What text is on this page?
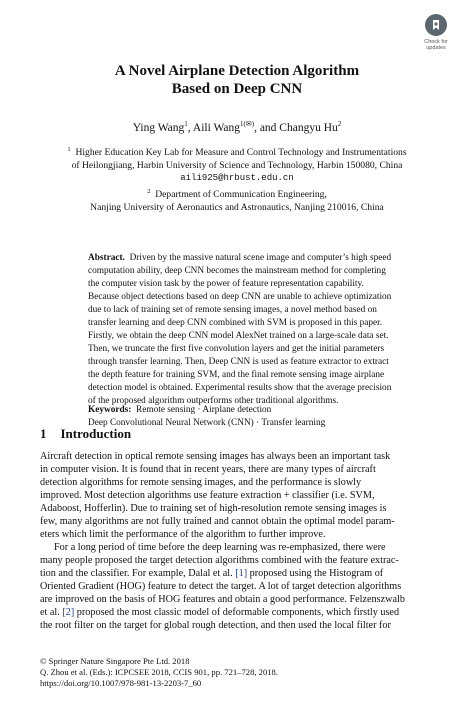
Check for
updates
A Novel Airplane Detection Algorithm
Based on Deep CNN
Ying Wang$^1$, Aili Wang$^{1(✉)}$, and Changyu Hu$^2$
$^1$ Higher Education Key Lab for Measure and Control Technology and Instrumentations
of Heilongjiang, Harbin University of Science and Technology, Harbin 150080, China
aili925@hrbust.edu.cn
$^2$ Department of Communication Engineering,
Nanjing University of Aeronautics and Astronautics, Nanjing 210016, China
Abstract. Driven by the massive natural scene image and computer’s high speed
computation ability, deep CNN becomes the mainstream method for completing
the computer vision task by the power of feature representation capability.
Because object detections based on deep CNN are unable to achieve optimization
due to lack of training set of remote sensing images, a novel method based on
transfer learning and deep CNN combined with SVM is proposed in this paper.
Firstly, we obtain the deep CNN model AlexNet trained on a large-scale data set.
Then, we truncate the first five convolution layers and get the initial parameters
through transfer learning. Then, Deep CNN is used as feature extractor to extract
the depth feature for training SVM, and the final remote sensing image airplane
detection model is obtained. Experimental results show that the average precision
of the proposed algorithm outperforms other traditional algorithms.
Keywords: Remote sensing · Airplane detection
Deep Convolutional Neural Network (CNN) · Transfer learning
1 Introduction
Aircraft detection in optical remote sensing images has always been an important task
in computer vision. It is found that in recent years, there are many types of aircraft
detection algorithms for remote sensing images, and the performance is slowly
improved. Most detection algorithms use feature extraction + classifier (i.e. SVM,
Adaboost, Hofferlin). Due to training set of high-resolution remote sensing images is
few, many algorithms are not fully trained and cannot obtain the optimal model param-
eters which limit the performance of the algorithm to further improve.
For a long period of time before the deep learning was re-emphasized, there were
many people proposed the target detection algorithms combined with the feature extrac-
tion and the classifier. For example, Dalal et al. [1] proposed using the Histogram of
Oriented Gradient (HOG) feature to detect the target. A lot of target detection algorithms
are improved on the basis of HOG features and obtain a good performance. Felzenszwalb
et al. [2] proposed the most classic model of deformable components, which firstly used
the root filter on the target for global rough detection, and then used the local filter for
© Springer Nature Singapore Pte Ltd. 2018
Q. Zhou et al. (Eds.): ICPCSEE 2018, CCIS 901, pp. 721–728, 2018.
https://doi.org/10.1007/978-981-13-2203-7_60
